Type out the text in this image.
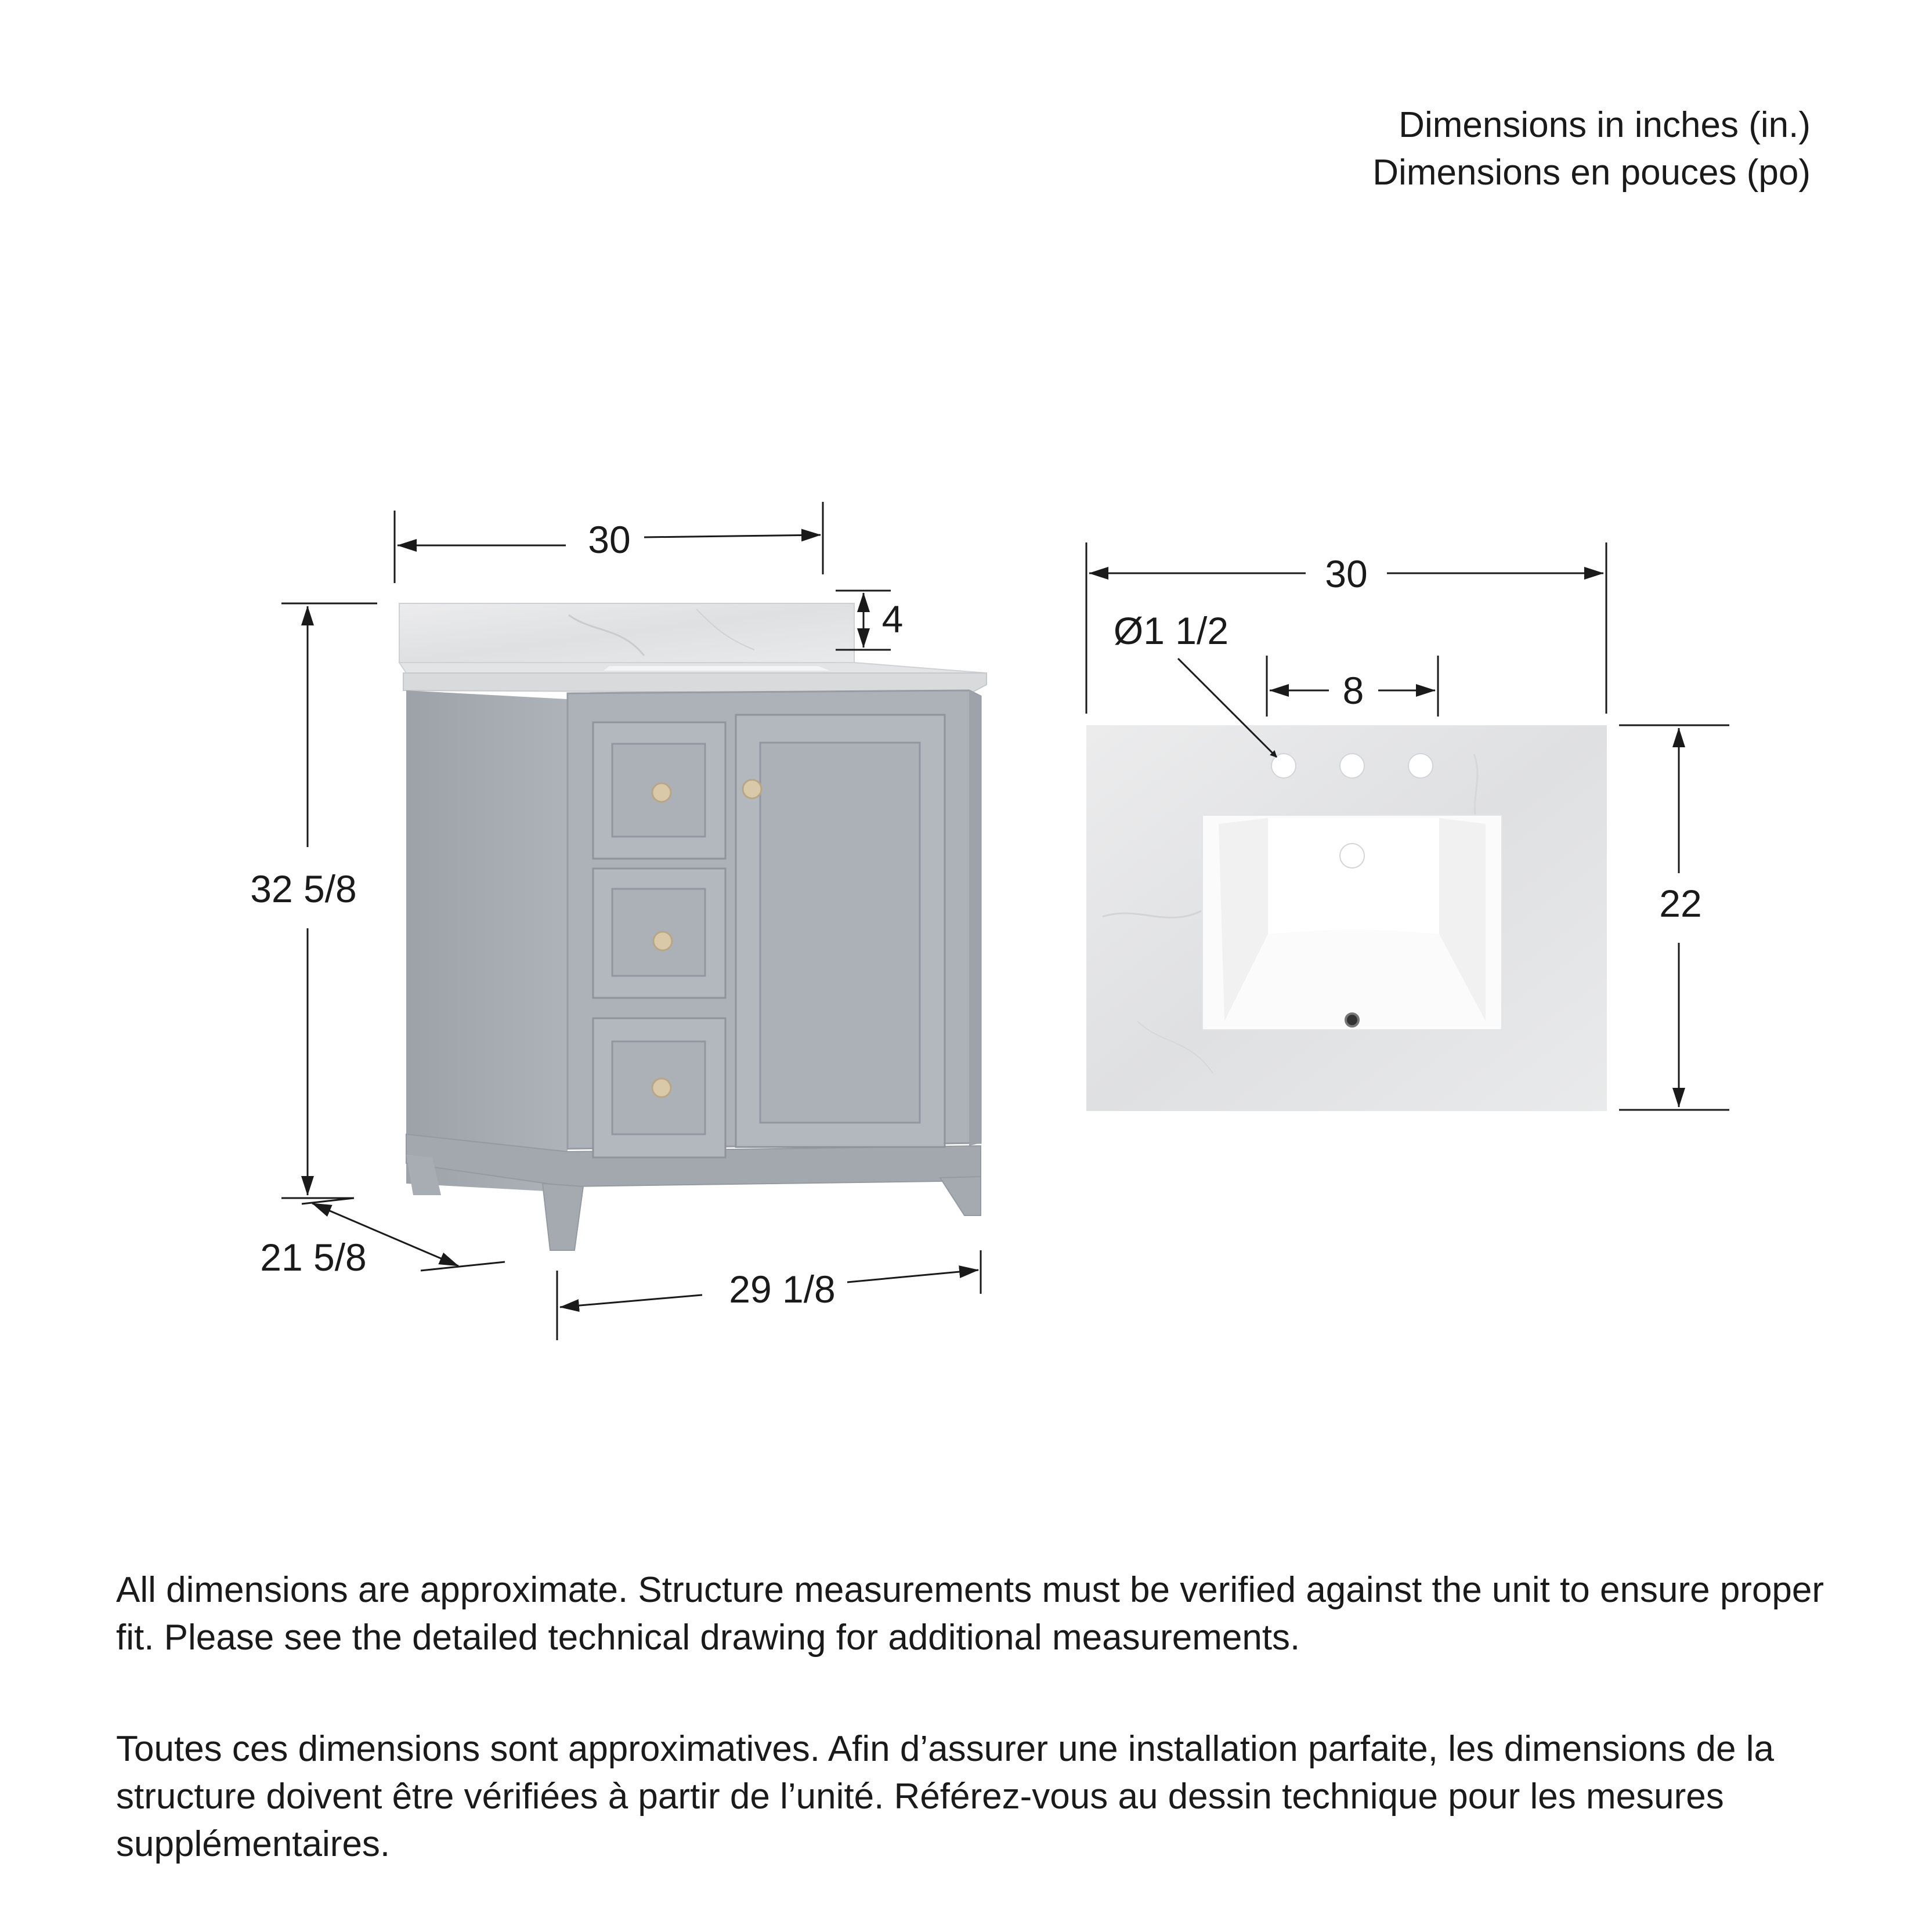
Dimensions in inches (in.)
Dimensions en pouces (po)
30
4
32 5/8
21 5/8
29 1/8
30
Ø1 1/2
8
22

All dimensions are approximate. Structure measurements must be verified against the unit to ensure proper fit. Please see the detailed technical drawing for additional measurements.

Toutes ces dimensions sont approximatives. Afin d’assurer une installation parfaite, les dimensions de la structure doivent être vérifiées à partir de l’unité. Référez-vous au dessin technique pour les mesures supplémentaires.
